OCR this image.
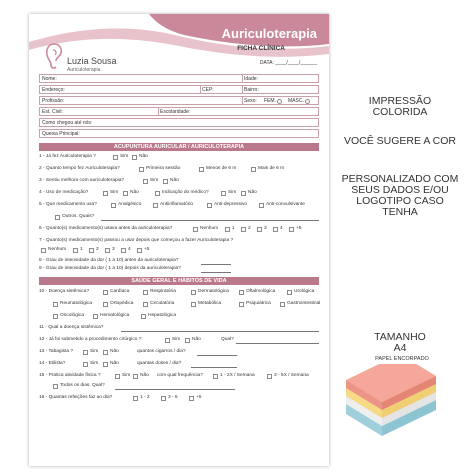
Luzia Sousa
Auriculoterapia
Auriculoterapia
FICHA CLÍNICA
DATA: ____/____/______
Nome:	Idade:
Endereço:	CEP:	Bairro:
Profissão:	Sexo:	FEM.	MASC.
Est. Civil:	Escolaridade:
Como chegou até nós:
Queixa Principal:
ACUPUNTURA AURICULAR / AURICULOTERAPIA
1 - Já fez Auriculoterapia ?	Sim Não
2 - Quanto tempo fez Auriculoterapia?	Primeira sessão	Menos de 6 m	Mais de 6 m
3 - Sentiu melhora com auriculoterapia?	Sim Não
4 - Uso de medicação?	Sim Não	Indicação do médico?	Sim Não
5 - Que medicamento usa?	Analgésico	Antiinflamatório	Anti-depressivo	Anti-convulsivante
Outros. Quais?
6 - Quanto(s) medicamento(s) usava antes da auriculoterapia?	Nenhum	1	2	3	4	+5
7 - Quanto(s) medicamento(s) passou a usar depois que começou a fazer Auriculoterapia ?
Nenhum	1	2	3	4	+5
8 - Grau de intensidade da dor ( 1 a 10) antes da auriculoterapia?
9 - Grau de intensidade da dor ( 1 a 10) depois da auriculoterapia?
SAÚDE GERAL E HÁBITOS DE VIDA
10 - Doença sistêmica?	Cardíaca	Respiratória	Dermatológica	Oftalmológica	Urológica
Reumatológica	Ortopédica	Circulatória	Metabólica	Psiquiátrica	Gastrointestinal
Oncológica	Hematológica	Hepatológica
11 - Qual a doença sistêmica?
12 - Já foi submetido a procedimento cirúrgico ?	Sim Não	Qual?
13 - Tabagista ?	Sim Não	quantos cigarros / dia?
14 - Etilista?	Sim Não	quantas doses / dia?
15 - Pratica atividade física ?	Sim Não com qual frequência?	1 - 2X / Semana	3 - 5X / Semana
Todos os dias. Qual?
16 - Quantas refeições faz ao dia?	1 - 2	3 - 5	+5
IMPRESSÃO COLORIDA
VOCÊ SUGERE A COR
PERSONALIZADO COM SEUS DADOS E/OU LOGOTIPO CASO TENHA
TAMANHO A4
PAPEL ENCORPADO
